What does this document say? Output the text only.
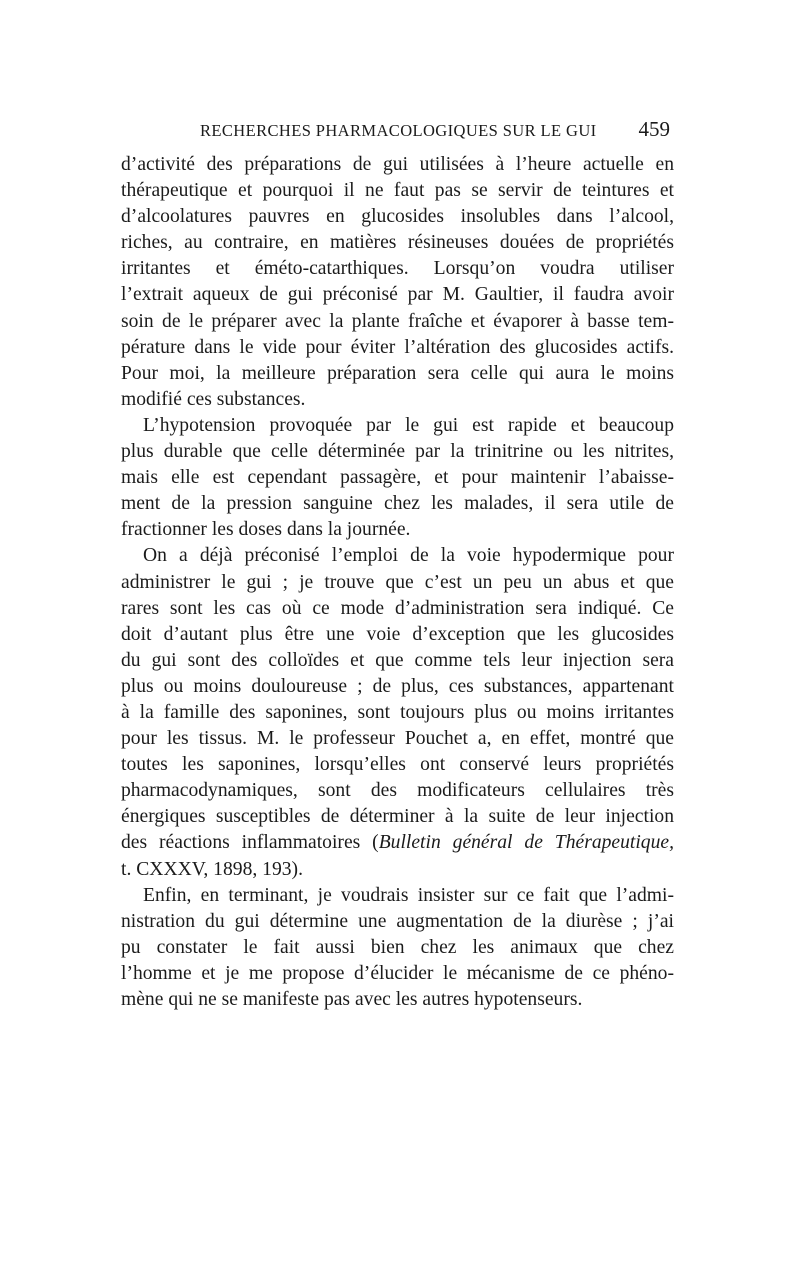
RECHERCHES PHARMACOLOGIQUES SUR LE GUI 459

d’activité des préparations de gui utilisées à l’heure actuelle en

thérapeutique et pourquoi il ne faut pas se servir de teintures et

d’alcoolatures pauvres en glucosides insolubles dans l’alcool,

riches, au contraire, en matières résineuses douées de propriétés

irritantes et éméto-catarthiques. Lorsqu’on voudra utiliser

l’extrait aqueux de gui préconisé par M. Gaultier, il faudra avoir

soin de le préparer avec la plante fraîche et évaporer à basse tem-

pérature dans le vide pour éviter l’altération des glucosides actifs.

Pour moi, la meilleure préparation sera celle qui aura le moins

modifié ces substances.

L’hypotension provoquée par le gui est rapide et beaucoup

plus durable que celle déterminée par la trinitrine ou les nitrites,

mais elle est cependant passagère, et pour maintenir l’abaisse-

ment de la pression sanguine chez les malades, il sera utile de

fractionner les doses dans la journée.

On a déjà préconisé l’emploi de la voie hypodermique pour

administrer le gui ; je trouve que c’est un peu un abus et que

rares sont les cas où ce mode d’administration sera indiqué. Ce

doit d’autant plus être une voie d’exception que les glucosides

du gui sont des colloïdes et que comme tels leur injection sera

plus ou moins douloureuse ; de plus, ces substances, appartenant

à la famille des saponines, sont toujours plus ou moins irritantes

pour les tissus. M. le professeur Pouchet a, en effet, montré que

toutes les saponines, lorsqu’elles ont conservé leurs propriétés

pharmacodynamiques, sont des modificateurs cellulaires très

énergiques susceptibles de déterminer à la suite de leur injection

des réactions inflammatoires (Bulletin général de Thérapeutique,

t. CXXXV, 1898, 193).

Enfin, en terminant, je voudrais insister sur ce fait que l’admi-

nistration du gui détermine une augmentation de la diurèse ; j’ai

pu constater le fait aussi bien chez les animaux que chez

l’homme et je me propose d’élucider le mécanisme de ce phéno-

mène qui ne se manifeste pas avec les autres hypotenseurs.
